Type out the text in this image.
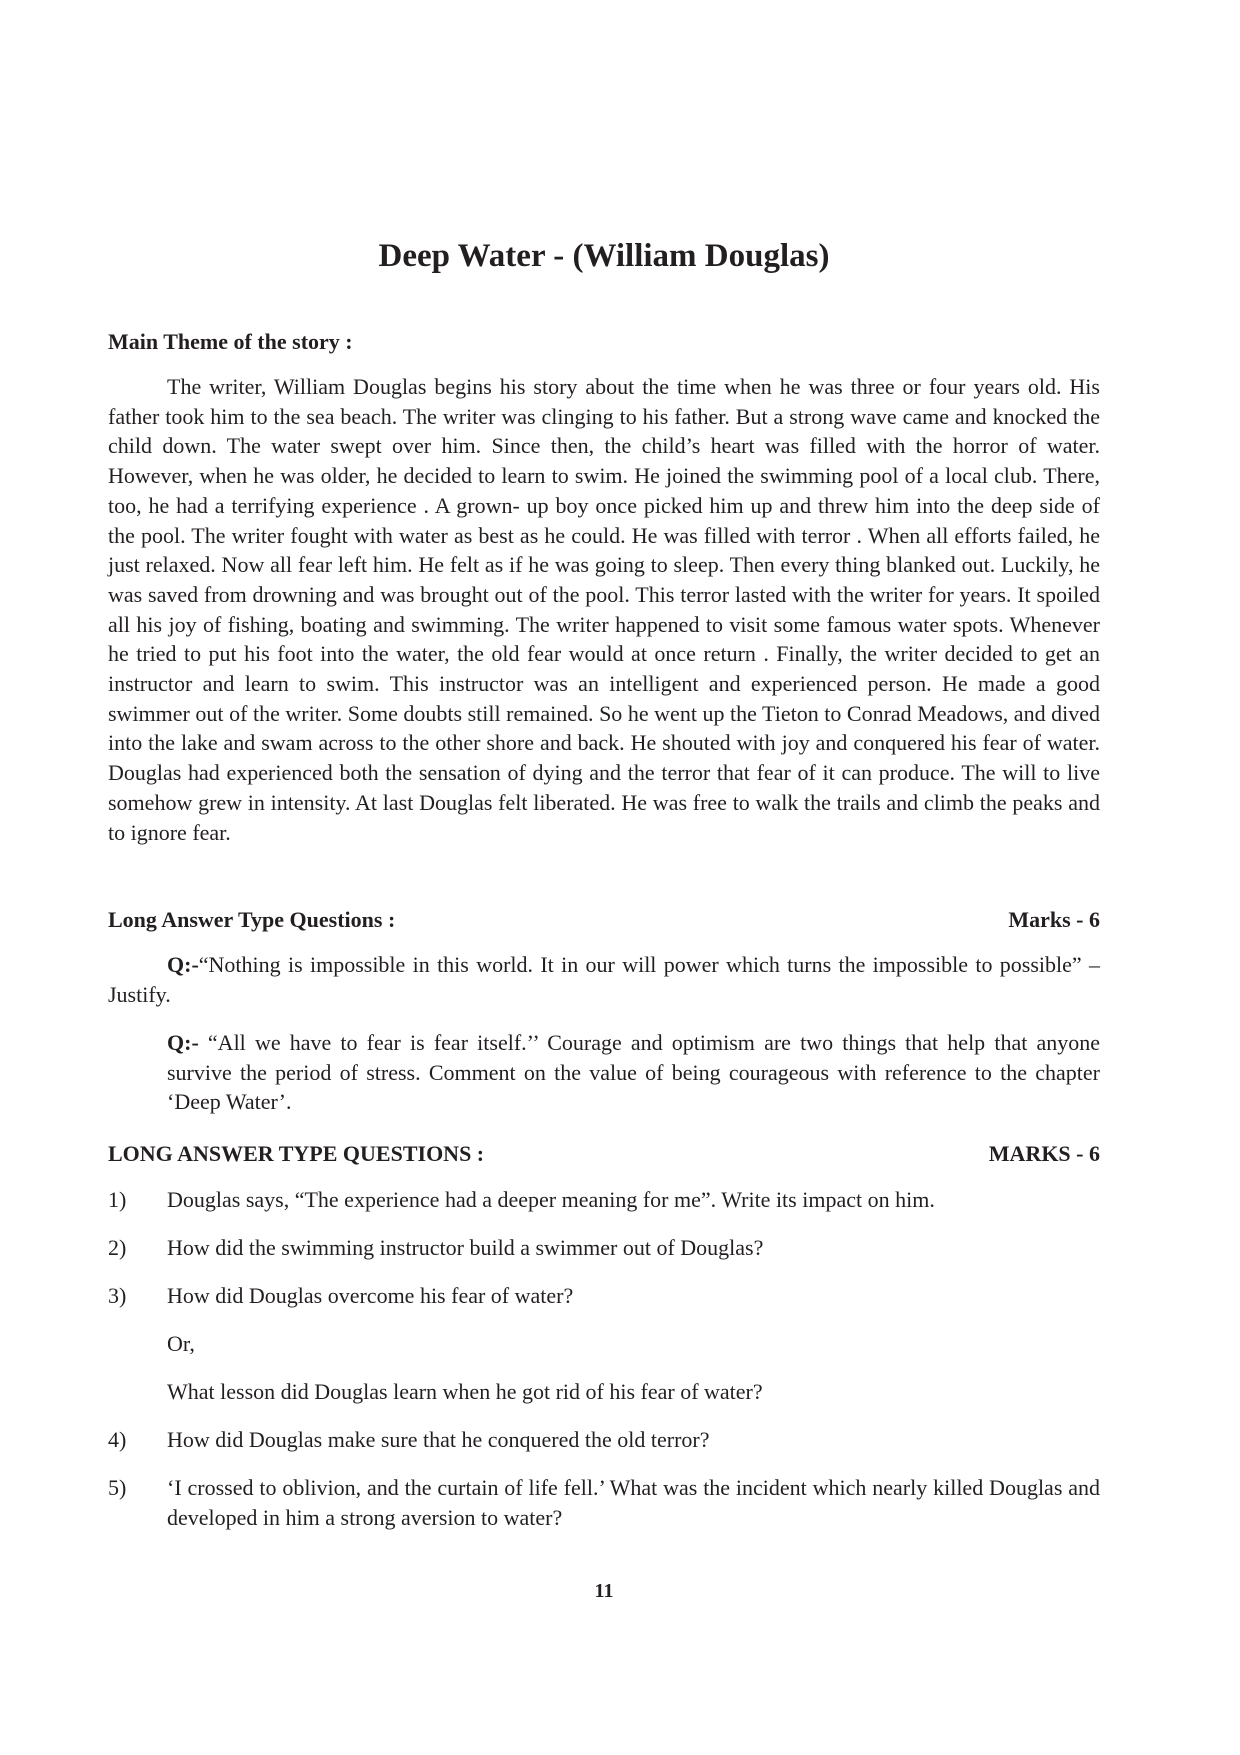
Deep Water - (William Douglas)
Main Theme of the story :

The writer, William Douglas begins his story about the time when he was three or four years old. His father took him to the sea beach. The writer was clinging to his father. But a strong wave came and knocked the child down. The water swept over him. Since then, the child’s heart was filled with the horror of water. However, when he was older, he decided to learn to swim. He joined the swimming pool of a local club. There, too, he had a terrifying experience . A grown- up boy once picked him up and threw him into the deep side of the pool. The writer fought with water as best as he could. He was filled with terror . When all efforts failed, he just relaxed. Now all fear left him. He felt as if he was going to sleep. Then every thing blanked out. Luckily, he was saved from drowning and was brought out of the pool. This terror lasted with the writer for years. It spoiled all his joy of fishing, boating and swimming. The writer happened to visit some famous water spots. Whenever he tried to put his foot into the water, the old fear would at once return . Finally, the writer decided to get an instructor and learn to swim. This instructor was an intelligent and experienced person. He made a good swimmer out of the writer. Some doubts still remained. So he went up the Tieton to Conrad Meadows, and dived into the lake and swam across to the other shore and back. He shouted with joy and conquered his fear of water. Douglas had experienced both the sensation of dying and the terror that fear of it can produce. The will to live somehow grew in intensity. At last Douglas felt liberated. He was free to walk the trails and climb the peaks and to ignore fear.

Long Answer Type Questions :	Marks - 6

Q:-“Nothing is impossible in this world. It in our will power which turns the impossible to possible” – Justify.

Q:- “All we have to fear is fear itself.’’ Courage and optimism are two things that help that anyone survive the period of stress. Comment on the value of being courageous with reference to the chapter ‘Deep Water’.

LONG ANSWER TYPE QUESTIONS :	MARKS - 6
1) Douglas says, “The experience had a deeper meaning for me”. Write its impact on him.
2) How did the swimming instructor build a swimmer out of Douglas?
3) How did Douglas overcome his fear of water?
Or,
What lesson did Douglas learn when he got rid of his fear of water?
4) How did Douglas make sure that he conquered the old terror?
5) ‘I crossed to oblivion, and the curtain of life fell.’ What was the incident which nearly killed Douglas and developed in him a strong aversion to water?
11
